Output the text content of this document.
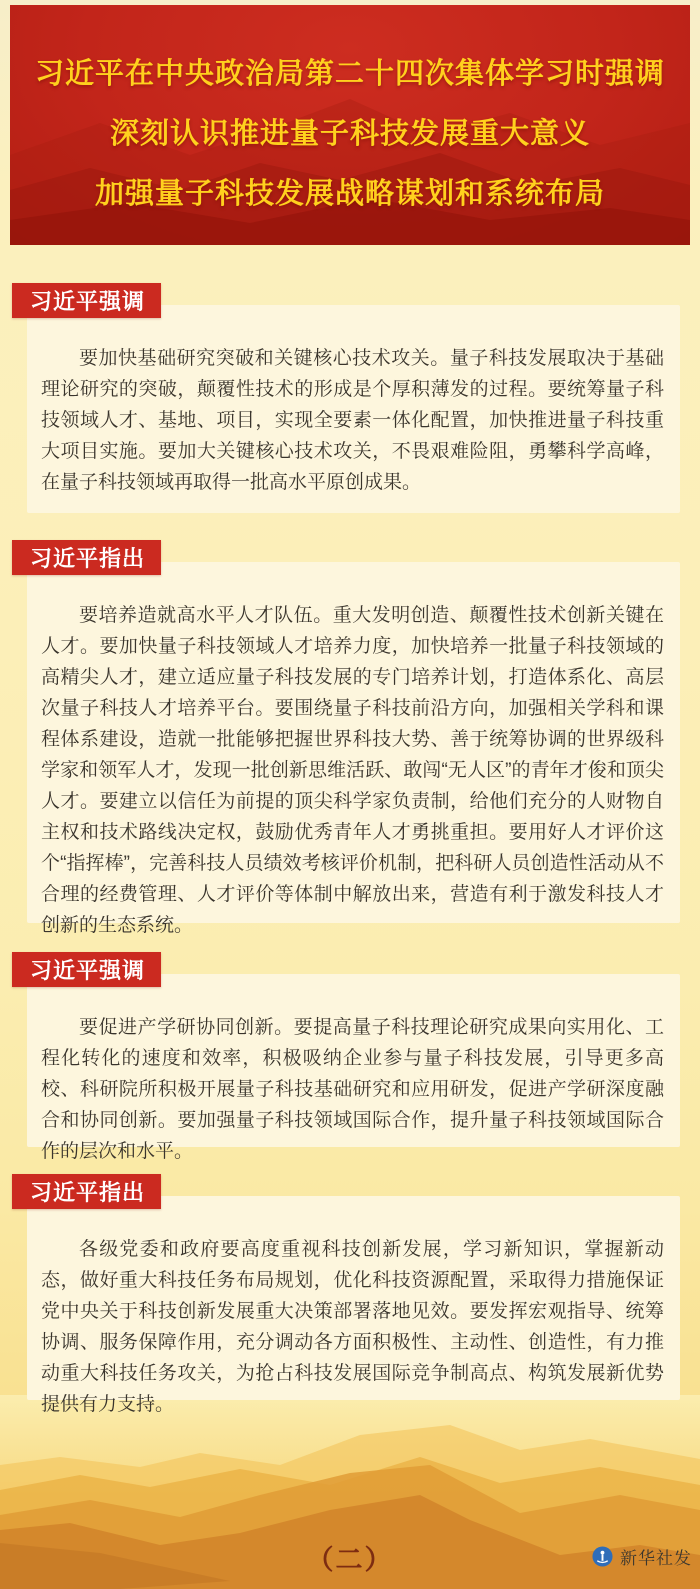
习近平在中央政治局第二十四次集体学习时强调
深刻认识推进量子科技发展重大意义
加强量子科技发展战略谋划和系统布局
习近平强调

要加快基础研究突破和关键核心技术攻关。量子科技发展取决于基础理论研究的突破，颠覆性技术的形成是个厚积薄发的过程。要统筹量子科技领域人才、基地、项目，实现全要素一体化配置，加快推进量子科技重大项目实施。要加大关键核心技术攻关，不畏艰难险阻，勇攀科学高峰，在量子科技领域再取得一批高水平原创成果。

习近平指出

要培养造就高水平人才队伍。重大发明创造、颠覆性技术创新关键在人才。要加快量子科技领域人才培养力度，加快培养一批量子科技领域的高精尖人才，建立适应量子科技发展的专门培养计划，打造体系化、高层次量子科技人才培养平台。要围绕量子科技前沿方向，加强相关学科和课程体系建设，造就一批能够把握世界科技大势、善于统筹协调的世界级科学家和领军人才，发现一批创新思维活跃、敢闯“无人区”的青年才俊和顶尖人才。要建立以信任为前提的顶尖科学家负责制，给他们充分的人财物自主权和技术路线决定权，鼓励优秀青年人才勇挑重担。要用好人才评价这个“指挥棒”，完善科技人员绩效考核评价机制，把科研人员创造性活动从不合理的经费管理、人才评价等体制中解放出来，营造有利于激发科技人才创新的生态系统。

习近平强调

要促进产学研协同创新。要提高量子科技理论研究成果向实用化、工程化转化的速度和效率，积极吸纳企业参与量子科技发展，引导更多高校、科研院所积极开展量子科技基础研究和应用研发，促进产学研深度融合和协同创新。要加强量子科技领域国际合作，提升量子科技领域国际合作的层次和水平。

习近平指出

各级党委和政府要高度重视科技创新发展，学习新知识，掌握新动态，做好重大科技任务布局规划，优化科技资源配置，采取得力措施保证党中央关于科技创新发展重大决策部署落地见效。要发挥宏观指导、统筹协调、服务保障作用，充分调动各方面积极性、主动性、创造性，有力推动重大科技任务攻关，为抢占科技发展国际竞争制高点、构筑发展新优势提供有力支持。

（二）	新华社发
